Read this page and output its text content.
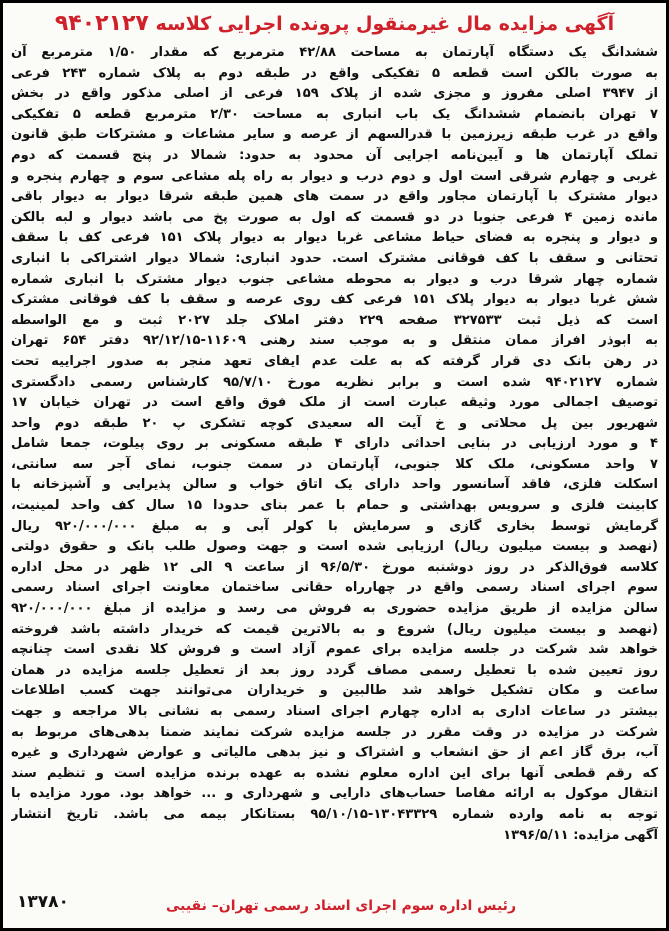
آگهی مزایده مال غیرمنقول پرونده اجرایی کلاسه ۹۴۰۲۱۲۷
ششدانگ یک دستگاه آپارتمان به مساحت ۴۲/۸۸ مترمربع که مقدار ۱/۵۰ مترمربع آن
به صورت بالکن است قطعه ۵ تفکیکی واقع در طبقه دوم به پلاک شماره ۲۴۳ فرعی
از ۳۹۴۷ اصلی مفروز و مجزی شده از پلاک ۱۵۹ فرعی از اصلی مذکور واقع در بخش
۷ تهران بانضمام ششدانگ یک باب انباری به مساحت ۲/۳۰ مترمربع قطعه ۵ تفکیکی
واقع در غرب طبقه زیرزمین با قدرالسهم از عرصه و سایر مشاعات و مشترکات طبق قانون
تملک آپارتمان ها و آیین‌نامه اجرایی آن محدود به حدود: شمالا در پنج قسمت که دوم
غربی و چهارم شرقی است اول و دوم درب و دیوار به راه پله مشاعی سوم و چهارم پنجره و
دیوار مشترک با آپارتمان مجاور واقع در سمت های همین طبقه شرقا دیوار به دیوار باقی
مانده زمین ۴ فرعی جنوبا در دو قسمت که اول به صورت پخ می باشد دیوار و لبه بالکن
و دیوار و پنجره به فضای حیاط مشاعی غربا دیوار به دیوار پلاک ۱۵۱ فرعی کف با سقف
تحتانی و سقف با کف فوقانی مشترک است. حدود انباری: شمالا دیوار اشتراکی با انباری
شماره چهار شرقا درب و دیوار به محوطه مشاعی جنوب دیوار مشترک با انباری شماره
شش غربا دیوار به دیوار پلاک ۱۵۱ فرعی کف روی عرصه و سقف با کف فوقانی مشترک
است که ذیل ثبت ۳۲۷۵۳۳ صفحه ۲۲۹ دفتر املاک جلد ۲۰۲۷ ثبت و مع الواسطه
به ابوذر افراز ممان منتقل و به موجب سند رهنی ۱۱۶۰۹-۹۲/۱۲/۱۵ دفتر ۶۵۴ تهران
در رهن بانک دی قرار گرفته که به علت عدم ایفای تعهد منجر به صدور اجراییه تحت
شماره ۹۴۰۲۱۲۷ شده است و برابر نظریه مورخ ۹۵/۷/۱۰ کارشناس رسمی دادگستری
توصیف اجمالی مورد وثیقه عبارت است از ملک فوق واقع است در تهران خیابان ۱۷
شهریور بین پل محلاتی و خ آیت اله سعیدی کوچه تشکری پ ۲۰ طبقه دوم واحد
۴ و مورد ارزیابی در بنایی احداثی دارای ۴ طبقه مسکونی بر روی پیلوت، جمعا شامل
۷ واحد مسکونی، ملک کلا جنوبی، آپارتمان در سمت جنوب، نمای آجر سه سانتی،
اسکلت فلزی، فاقد آسانسور واحد دارای یک اتاق خواب و سالن پذیرایی و آشپزخانه با
کابینت فلزی و سرویس بهداشتی و حمام با عمر بنای حدودا ۱۵ سال کف واحد لمینیت،
گرمایش توسط بخاری گازی و سرمایش با کولر آبی و به مبلغ ۹۲۰/۰۰۰/۰۰۰ ریال
(نهصد و بیست میلیون ریال) ارزیابی شده است و جهت وصول طلب بانک و حقوق دولتی
کلاسه فوق‌الذکر در روز دوشنبه مورخ ۹۶/۵/۳۰ از ساعت ۹ الی ۱۲ ظهر در محل اداره
سوم اجرای اسناد رسمی واقع در چهارراه حقانی ساختمان معاونت اجرای اسناد رسمی
سالن مزایده از طریق مزایده حضوری به فروش می رسد و مزایده از مبلغ ۹۲۰/۰۰۰/۰۰۰
(نهصد و بیست میلیون ریال) شروع و به بالاترین قیمت که خریدار داشته باشد فروخته
خواهد شد شرکت در جلسه مزایده برای عموم آزاد است و فروش کلا نقدی است چنانچه
روز تعیین شده با تعطیل رسمی مصاف گردد روز بعد از تعطیل جلسه مزایده در همان
ساعت و مکان تشکیل خواهد شد طالبین و خریداران می‌توانند جهت کسب اطلاعات
بیشتر در ساعات اداری به اداره چهارم اجرای اسناد رسمی به نشانی بالا مراجعه و جهت
شرکت در مزایده در وقت مقرر در جلسه مزایده شرکت نمایند ضمنا بدهی‌های مربوط به
آب، برق گاز اعم از حق انشعاب و اشتراک و نیز بدهی مالیاتی و عوارض شهرداری و غیره
که رقم قطعی آنها برای این اداره معلوم نشده به عهده برنده مزایده است و تنظیم سند
انتقال موکول به ارائه مفاصا حساب‌های دارایی و شهرداری و ... خواهد بود. مورد مزایده با
توجه به نامه وارده شماره ۱۳۰۴۳۳۲۹-۹۵/۱۰/۱۵ بستانکار بیمه می باشد. تاریخ انتشار
آگهی مزایده: ۱۳۹۶/۵/۱۱
رئیس اداره سوم اجرای اسناد رسمی تهران– نقیبی
۱۳۷۸۰
